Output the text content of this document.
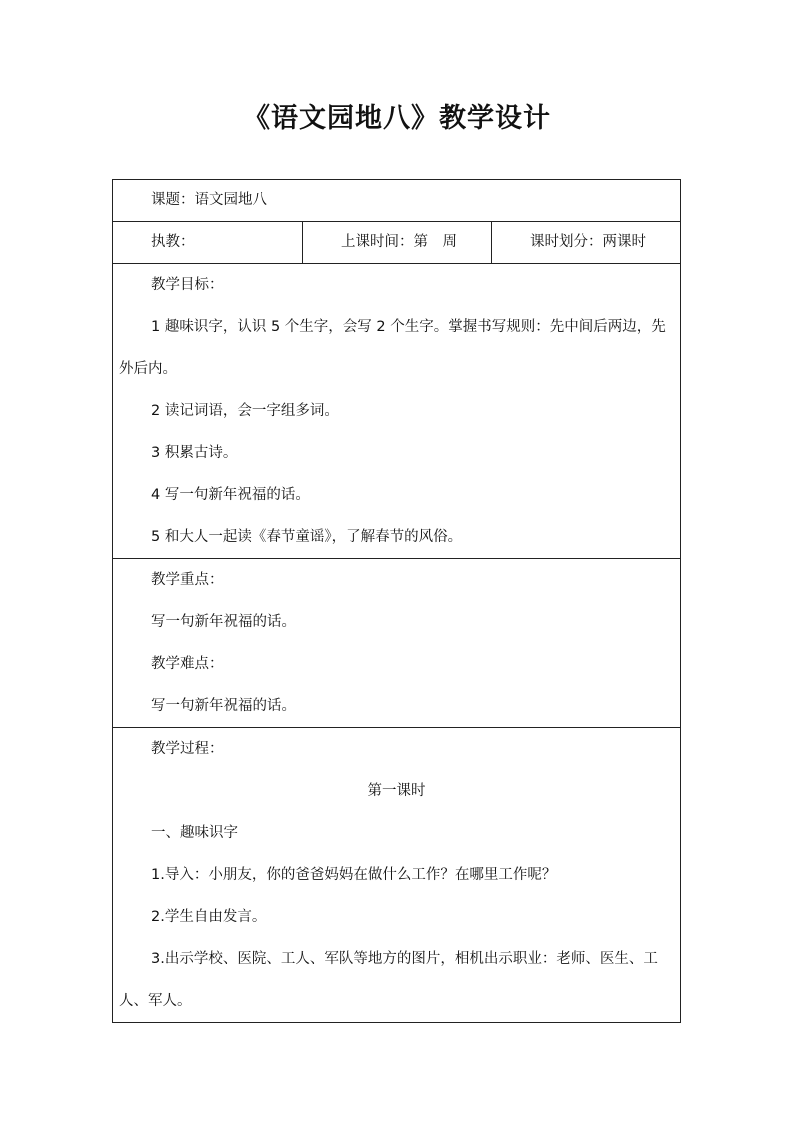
《语文园地八》教学设计
课题：语文园地八

执教：	上课时间：第　周	课时划分：两课时

教学目标：
1 趣味识字，认识 5 个生字，会写 2 个生字。掌握书写规则：先中间后两边，先外后内。
2 读记词语，会一字组多词。
3 积累古诗。
4 写一句新年祝福的话。
5 和大人一起读《春节童谣》，了解春节的风俗。

教学重点：
写一句新年祝福的话。
教学难点：
写一句新年祝福的话。

教学过程：
第一课时
一、趣味识字
1.导入：小朋友，你的爸爸妈妈在做什么工作？在哪里工作呢？
2.学生自由发言。
3.出示学校、医院、工人、军队等地方的图片，相机出示职业：老师、医生、工人、军人。
